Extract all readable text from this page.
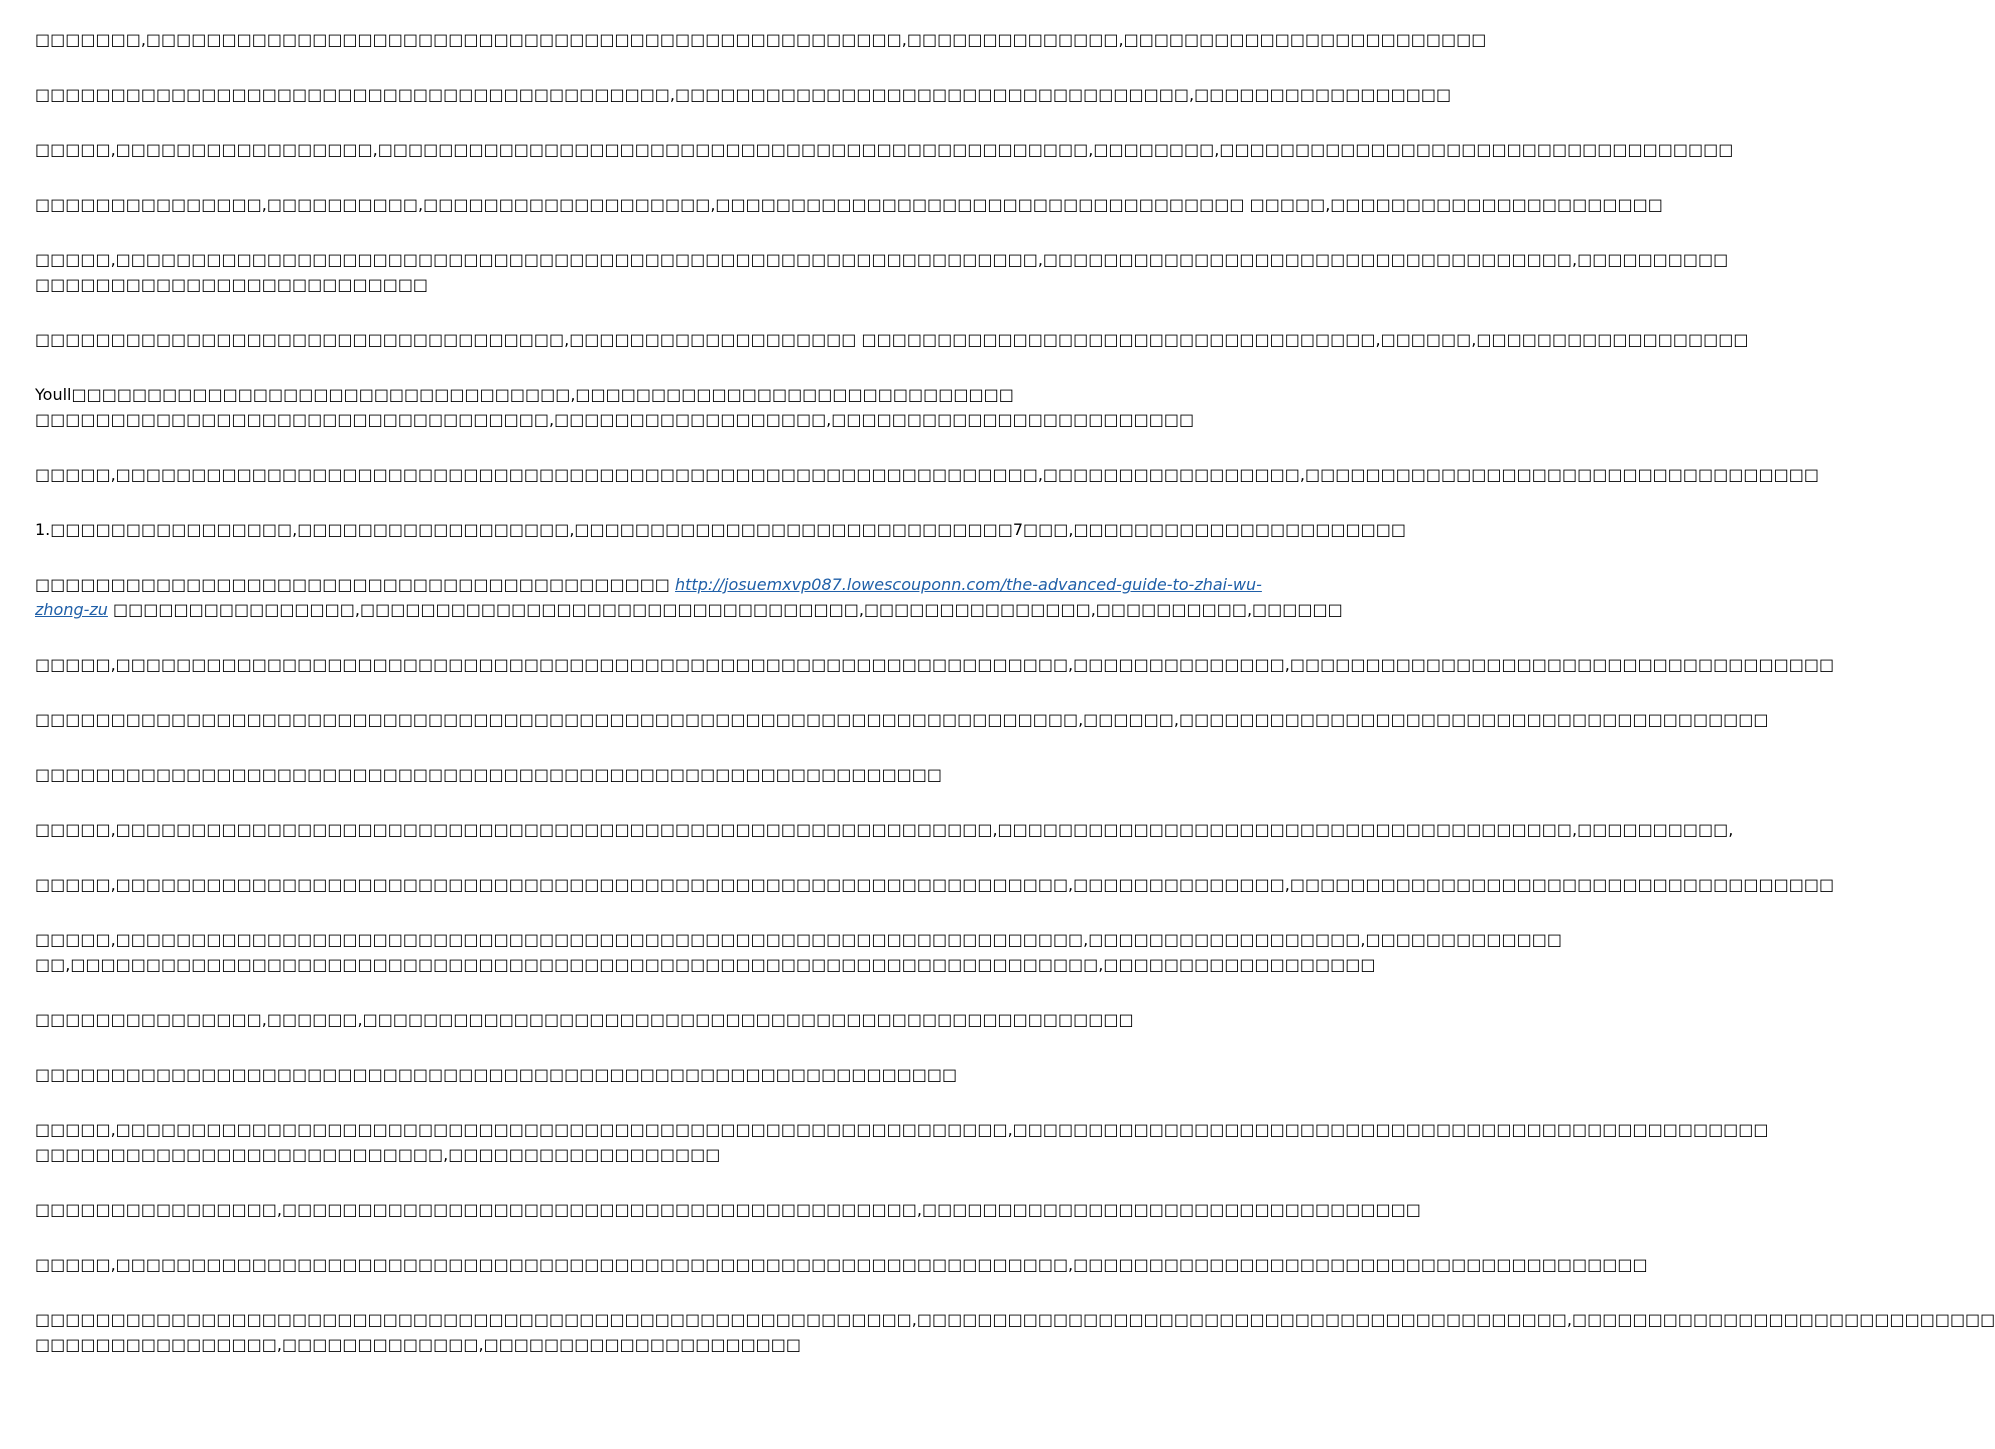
□□□□□□□,□□□□□□□□□□□□□□□□□□□□□□□□□□□□□□□□□□□□□□□□□□□□□□□□□□,□□□□□□□□□□□□□□,□□□□□□□□□□□□□□□□□□□□□□□□

□□□□□□□□□□□□□□□□□□□□□□□□□□□□□□□□□□□□□□□□□□,□□□□□□□□□□□□□□□□□□□□□□□□□□□□□□□□□□,□□□□□□□□□□□□□□□□□

□□□□□,□□□□□□□□□□□□□□□□□,□□□□□□□□□□□□□□□□□□□□□□□□□□□□□□□□□□□□□□□□□□□□□□□,□□□□□□□□,□□□□□□□□□□□□□□□□□□□□□□□□□□□□□□□□□□

□□□□□□□□□□□□□□□,□□□□□□□□□□,□□□□□□□□□□□□□□□□□□□,□□□□□□□□□□□□□□□□□□□□□□□□□□□□□□□□□□□ □□□□□,□□□□□□□□□□□□□□□□□□□□□□

□□□□□,□□□□□□□□□□□□□□□□□□□□□□□□□□□□□□□□□□□□□□□□□□□□□□□□□□□□□□□□□□□□□,□□□□□□□□□□□□□□□□□□□□□□□□□□□□□□□□□□□,□□□□□□□□□□
□□□□□□□□□□□□□□□□□□□□□□□□□□

□□□□□□□□□□□□□□□□□□□□□□□□□□□□□□□□□□□,□□□□□□□□□□□□□□□□□□□ □□□□□□□□□□□□□□□□□□□□□□□□□□□□□□□□□□,□□□□□□,□□□□□□□□□□□□□□□□□□

Youll□□□□□□□□□□□□□□□□□□□□□□□□□□□□□□□□□,□□□□□□□□□□□□□□□□□□□□□□□□□□□□□
□□□□□□□□□□□□□□□□□□□□□□□□□□□□□□□□□□,□□□□□□□□□□□□□□□□□□,□□□□□□□□□□□□□□□□□□□□□□□□

□□□□□,□□□□□□□□□□□□□□□□□□□□□□□□□□□□□□□□□□□□□□□□□□□□□□□□□□□□□□□□□□□□□,□□□□□□□□□□□□□□□□□,□□□□□□□□□□□□□□□□□□□□□□□□□□□□□□□□□□

1.□□□□□□□□□□□□□□□□,□□□□□□□□□□□□□□□□□□,□□□□□□□□□□□□□□□□□□□□□□□□□□□□□7□□□,□□□□□□□□□□□□□□□□□□□□□□

□□□□□□□□□□□□□□□□□□□□□□□□□□□□□□□□□□□□□□□□□□ http://josuemxvp087.lowescouponn.com/the-advanced-guide-to-zhai-wu-
zhong-zu □□□□□□□□□□□□□□□□,□□□□□□□□□□□□□□□□□□□□□□□□□□□□□□□□□,□□□□□□□□□□□□□□□,□□□□□□□□□□,□□□□□□

□□□□□,□□□□□□□□□□□□□□□□□□□□□□□□□□□□□□□□□□□□□□□□□□□□□□□□□□□□□□□□□□□□□□□,□□□□□□□□□□□□□□,□□□□□□□□□□□□□□□□□□□□□□□□□□□□□□□□□□□□

□□□□□□□□□□□□□□□□□□□□□□□□□□□□□□□□□□□□□□□□□□□□□□□□□□□□□□□□□□□□□□□□□□□□□,□□□□□□,□□□□□□□□□□□□□□□□□□□□□□□□□□□□□□□□□□□□□□□

□□□□□□□□□□□□□□□□□□□□□□□□□□□□□□□□□□□□□□□□□□□□□□□□□□□□□□□□□□□□

□□□□□,□□□□□□□□□□□□□□□□□□□□□□□□□□□□□□□□□□□□□□□□□□□□□□□□□□□□□□□□□□,□□□□□□□□□□□□□□□□□□□□□□□□□□□□□□□□□□□□□□,□□□□□□□□□□,

□□□□□,□□□□□□□□□□□□□□□□□□□□□□□□□□□□□□□□□□□□□□□□□□□□□□□□□□□□□□□□□□□□□□□,□□□□□□□□□□□□□□,□□□□□□□□□□□□□□□□□□□□□□□□□□□□□□□□□□□□

□□□□□,□□□□□□□□□□□□□□□□□□□□□□□□□□□□□□□□□□□□□□□□□□□□□□□□□□□□□□□□□□□□□□□□,□□□□□□□□□□□□□□□□□□,□□□□□□□□□□□□□
□□,□□□□□□□□□□□□□□□□□□□□□□□□□□□□□□□□□□□□□□□□□□□□□□□□□□□□□□□□□□□□□□□□□□□□,□□□□□□□□□□□□□□□□□□

□□□□□□□□□□□□□□□,□□□□□□,□□□□□□□□□□□□□□□□□□□□□□□□□□□□□□□□□□□□□□□□□□□□□□□□□□□

□□□□□□□□□□□□□□□□□□□□□□□□□□□□□□□□□□□□□□□□□□□□□□□□□□□□□□□□□□□□□

□□□□□,□□□□□□□□□□□□□□□□□□□□□□□□□□□□□□□□□□□□□□□□□□□□□□□□□□□□□□□□□□□,□□□□□□□□□□□□□□□□□□□□□□□□□□□□□□□□□□□□□□□□□□□□□□□□□□
□□□□□□□□□□□□□□□□□□□□□□□□□□□,□□□□□□□□□□□□□□□□□□

□□□□□□□□□□□□□□□□,□□□□□□□□□□□□□□□□□□□□□□□□□□□□□□□□□□□□□□□□□□,□□□□□□□□□□□□□□□□□□□□□□□□□□□□□□□□□

□□□□□,□□□□□□□□□□□□□□□□□□□□□□□□□□□□□□□□□□□□□□□□□□□□□□□□□□□□□□□□□□□□□□□,□□□□□□□□□□□□□□□□□□□□□□□□□□□□□□□□□□□□□□

□□□□□□□□□□□□□□□□□□□□□□□□□□□□□□□□□□□□□□□□□□□□□□□□□□□□□□□□□□,□□□□□□□□□□□□□□□□□□□□□□□□□□□□□□□□□□□□□□□□□□□,□□□□□□□□□□□□□□□□□□□□□□□□□□□□
□□□□□□□□□□□□□□□□,□□□□□□□□□□□□□,□□□□□□□□□□□□□□□□□□□□□
